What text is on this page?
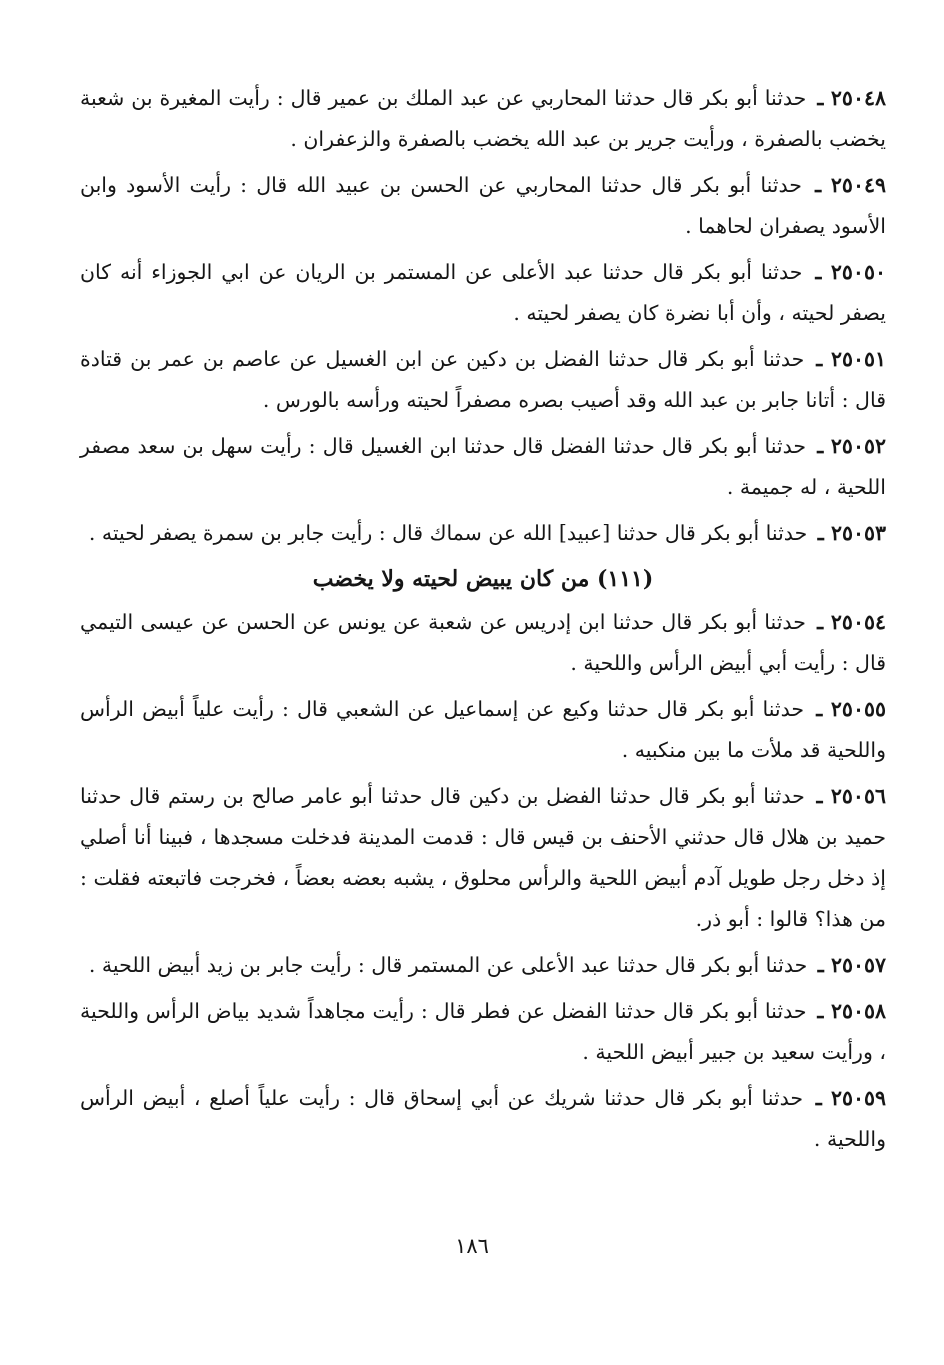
٢٥٠٤٨ ـ حدثنا أبو بكر قال حدثنا المحاربي عن عبد الملك بن عمير قال : رأيت المغيرة بن شعبة يخضب بالصفرة ، ورأيت جرير بن عبد الله يخضب بالصفرة والزعفران .

٢٥٠٤٩ ـ حدثنا أبو بكر قال حدثنا المحاربي عن الحسن بن عبيد الله قال : رأيت الأسود وابن الأسود يصفران لحاهما .

٢٥٠٥٠ ـ حدثنا أبو بكر قال حدثنا عبد الأعلى عن المستمر بن الريان عن ابي الجوزاء أنه كان يصفر لحيته ، وأن أبا نضرة كان يصفر لحيته .

٢٥٠٥١ ـ حدثنا أبو بكر قال حدثنا الفضل بن دكين عن ابن الغسيل عن عاصم بن عمر بن قتادة قال : أتانا جابر بن عبد الله وقد أصيب بصره مصفراً لحيته ورأسه بالورس .

٢٥٠٥٢ ـ حدثنا أبو بكر قال حدثنا الفضل قال حدثنا ابن الغسيل قال : رأيت سهل بن سعد مصفر اللحية ، له جميمة .

٢٥٠٥٣ ـ حدثنا أبو بكر قال حدثنا [عبيد] الله عن سماك قال : رأيت جابر بن سمرة يصفر لحيته .

(١١١) من كان يبيض لحيته ولا يخضب

٢٥٠٥٤ ـ حدثنا أبو بكر قال حدثنا ابن إدريس عن شعبة عن يونس عن الحسن عن عيسى التيمي قال : رأيت أبي أبيض الرأس واللحية .

٢٥٠٥٥ ـ حدثنا أبو بكر قال حدثنا وكيع عن إسماعيل عن الشعبي قال : رأيت علياً أبيض الرأس واللحية قد ملأت ما بين منكبيه .

٢٥٠٥٦ ـ حدثنا أبو بكر قال حدثنا الفضل بن دكين قال حدثنا أبو عامر صالح بن رستم قال حدثنا حميد بن هلال قال حدثني الأحنف بن قيس قال : قدمت المدينة فدخلت مسجدها ، فبينا أنا أصلي إذ دخل رجل طويل آدم أبيض اللحية والرأس محلوق ، يشبه بعضه بعضاً ، فخرجت فاتبعته فقلت : من هذا؟ قالوا : أبو ذر.

٢٥٠٥٧ ـ حدثنا أبو بكر قال حدثنا عبد الأعلى عن المستمر قال : رأيت جابر بن زيد أبيض اللحية .

٢٥٠٥٨ ـ حدثنا أبو بكر قال حدثنا الفضل عن فطر قال : رأيت مجاهداً شديد بياض الرأس واللحية ، ورأيت سعيد بن جبير أبيض اللحية .

٢٥٠٥٩ ـ حدثنا أبو بكر قال حدثنا شريك عن أبي إسحاق قال : رأيت علياً أصلع ، أبيض الرأس واللحية .

١٨٦
